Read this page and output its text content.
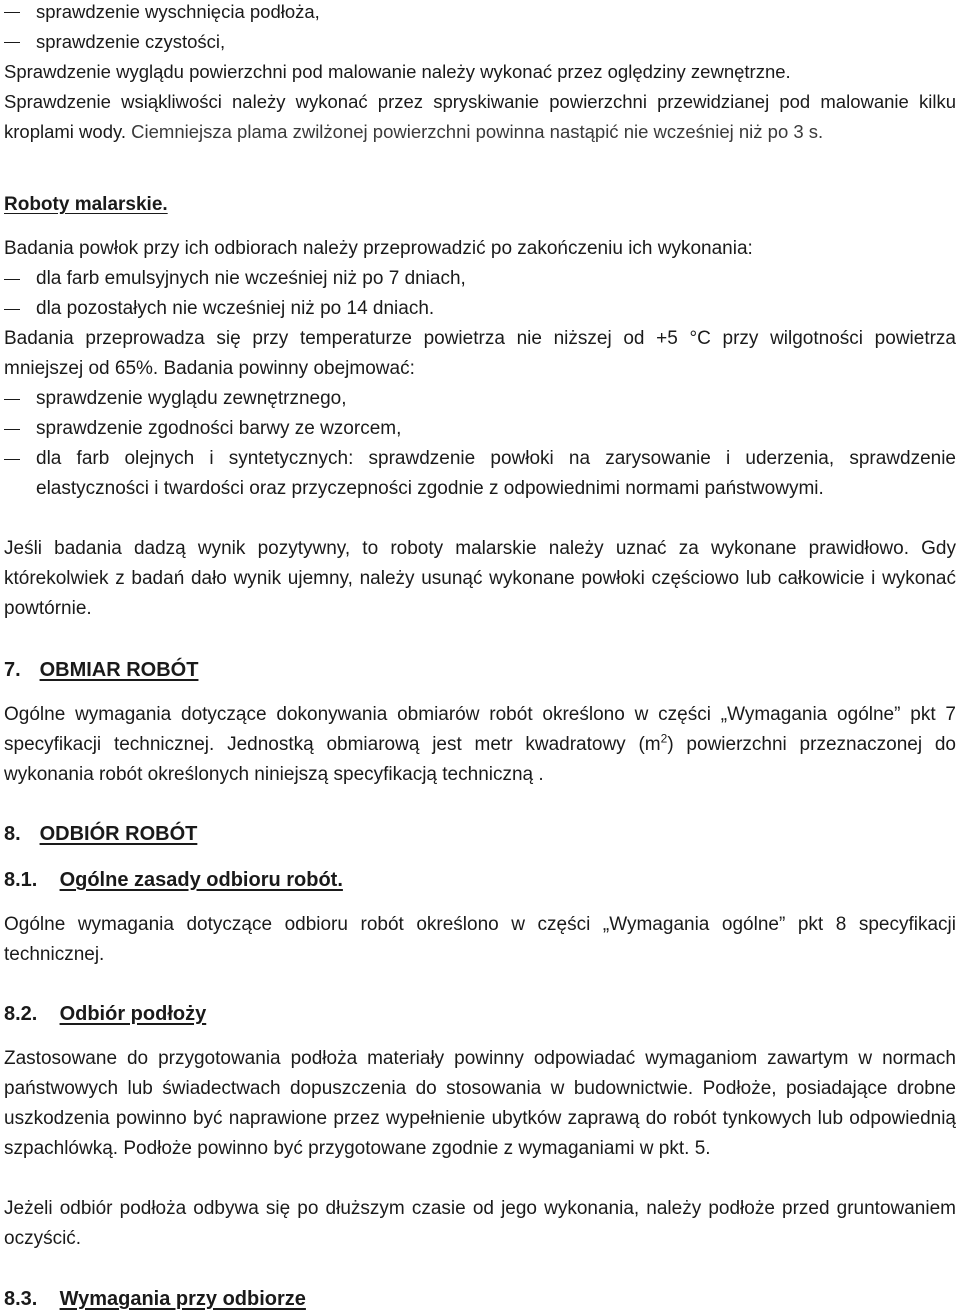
sprawdzenie wyschnięcia podłoża,
sprawdzenie czystości,

Sprawdzenie wyglądu powierzchni pod malowanie należy wykonać przez oględziny zewnętrzne.

Sprawdzenie wsiąkliwości należy wykonać przez spryskiwanie powierzchni przewidzianej pod malowanie kilku kroplami wody. Ciemniejsza plama zwilżonej powierzchni powinna nastąpić nie wcześniej niż po 3 s.

Roboty malarskie.

Badania powłok przy ich odbiorach należy przeprowadzić po zakończeniu ich wykonania:

dla farb emulsyjnych nie wcześniej niż po 7 dniach,
dla pozostałych nie wcześniej niż po 14 dniach.

Badania przeprowadza się przy temperaturze powietrza nie niższej od +5 °C przy wilgotności powietrza mniejszej od 65%. Badania powinny obejmować:

sprawdzenie wyglądu zewnętrznego,
sprawdzenie zgodności barwy ze wzorcem,
dla farb olejnych i syntetycznych: sprawdzenie powłoki na zarysowanie i uderzenia, sprawdzenie elastyczności i twardości oraz przyczepności zgodnie z odpowiednimi normami państwowymi.

Jeśli badania dadzą wynik pozytywny, to roboty malarskie należy uznać za wykonane prawidłowo. Gdy którekolwiek z badań dało wynik ujemny, należy usunąć wykonane powłoki częściowo lub całkowicie i wykonać powtórnie.

7. OBMIAR ROBÓT

Ogólne wymagania dotyczące dokonywania obmiarów robót określono w części „Wymagania ogólne” pkt 7 specyfikacji technicznej. Jednostką obmiarową jest metr kwadratowy $(m^2)$ powierzchni przeznaczonej do wykonania robót określonych niniejszą specyfikacją techniczną .

8. ODBIÓR ROBÓT
8.1. Ogólne zasady odbioru robót.

Ogólne wymagania dotyczące odbioru robót określono w części „Wymagania ogólne” pkt 8 specyfikacji technicznej.

8.2. Odbiór podłoży

Zastosowane do przygotowania podłoża materiały powinny odpowiadać wymaganiom zawartym w normach państwowych lub świadectwach dopuszczenia do stosowania w budownictwie. Podłoże, posiadające drobne uszkodzenia powinno być naprawione przez wypełnienie ubytków zaprawą do robót tynkowych lub odpowiednią szpachlówką. Podłoże powinno być przygotowane zgodnie z wymaganiami w pkt. 5.

Jeżeli odbiór podłoża odbywa się po dłuższym czasie od jego wykonania, należy podłoże przed gruntowaniem oczyścić.

8.3. Wymagania przy odbiorze
